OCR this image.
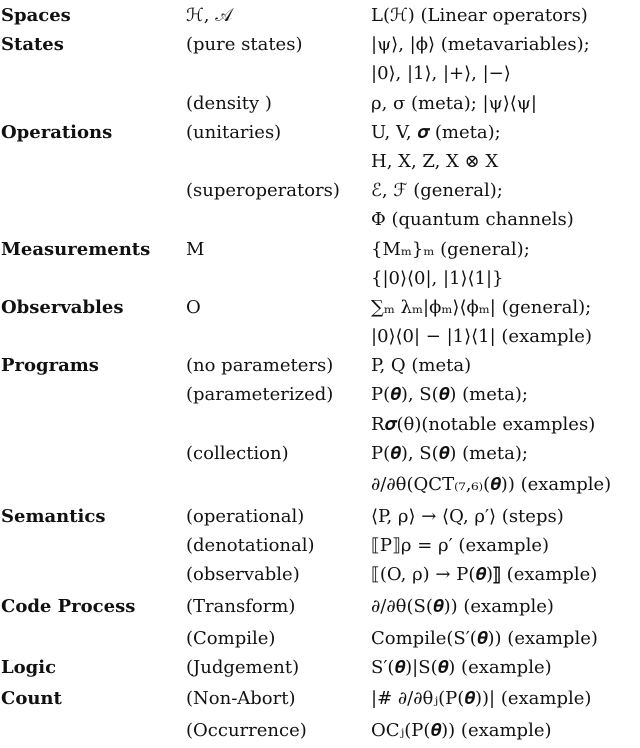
Spaces	ℋ, 𝒜	L(ℋ) (Linear operators)
States	(pure states)	|ψ⟩, |ϕ⟩ (metavariables);
|0⟩, |1⟩, |+⟩, |−⟩
(density )	ρ, σ (meta); |ψ⟩⟨ψ|
Operations	(unitaries)	U, V, 𝝈 (meta);
H, X, Z, X ⊗ X
(superoperators)	ℰ, ℱ (general);
Φ (quantum channels)
Measurements	M	{Mₘ}ₘ (general);
{|0⟩⟨0|, |1⟩⟨1|}
Observables	O	∑ₘ λₘ|ϕₘ⟩⟨ϕₘ| (general);
|0⟩⟨0| − |1⟩⟨1| (example)
Programs	(no parameters)	P, Q (meta)
(parameterized)	P(𝜽), S(𝜽) (meta);
R𝝈(θ)(notable examples)
(collection)	P(𝜽), S(𝜽) (meta);
∂/∂θ(QCT₍₇,₆₎(𝜽)) (example)
Semantics	(operational)	⟨P, ρ⟩ → ⟨Q, ρ′⟩ (steps)
(denotational)	⟦P⟧ρ = ρ′ (example)
(observable)	⟦(O, ρ) → P(𝜽)⟧ (example)
Code Process	(Transform)	∂/∂θ(S(𝜽)) (example)
(Compile)	Compile(S′(𝜽)) (example)
Logic	(Judgement)	S′(𝜽)|S(𝜽) (example)
Count	(Non-Abort)	|# ∂/∂θⱼ(P(𝜽))| (example)
(Occurrence)	OCⱼ(P(𝜽)) (example)
